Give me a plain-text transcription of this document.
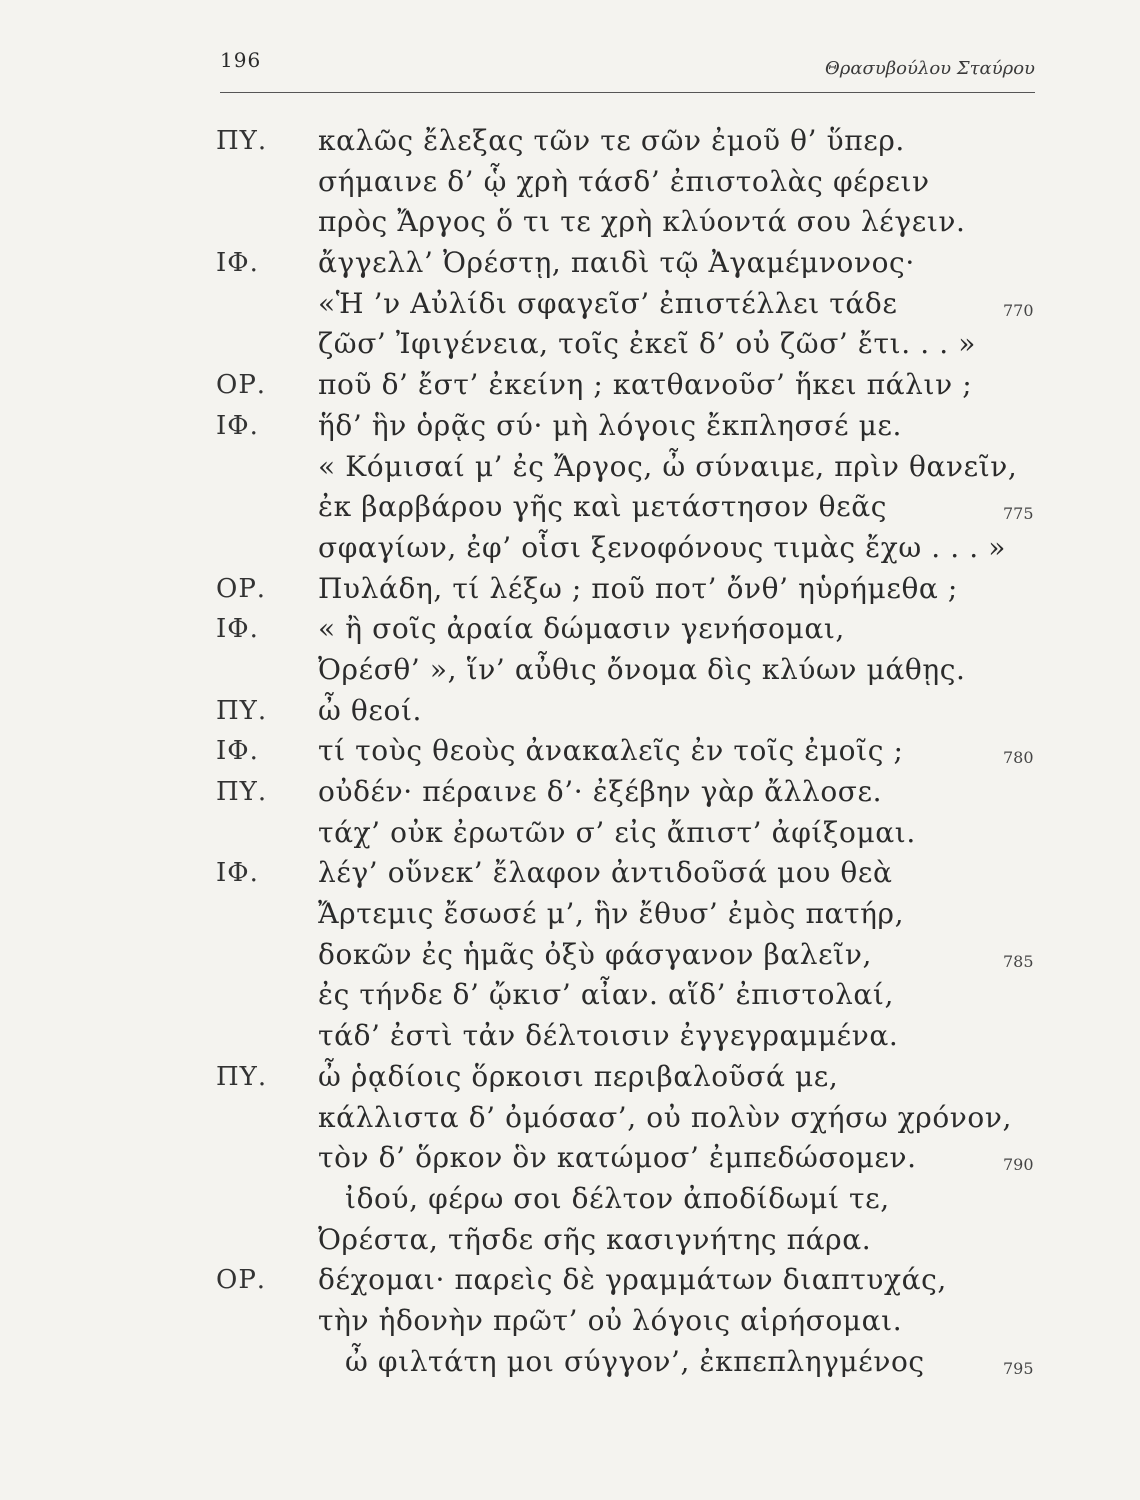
196	Θρασυβούλου Σταύρου
ΠΥ. καλῶς ἔλεξας τῶν τε σῶν ἐμοῦ θ’ ὕπερ.
σήμαινε δ’ ᾧ χρὴ τάσδ’ ἐπιστολὰς φέρειν
πρὸς Ἄργος ὅ τι τε χρὴ κλύοντά σου λέγειν.
ΙΦ. ἄγγελλ’ Ὀρέστῃ, παιδὶ τῷ Ἀγαμέμνονος·
«Ἡ ’ν Αὐλίδι σφαγεῖσ’ ἐπιστέλλει τάδε	770
ζῶσ’ Ἰφιγένεια, τοῖς ἐκεῖ δ’ οὐ ζῶσ’ ἔτι. . . »
ΟΡ. ποῦ δ’ ἔστ’ ἐκείνη ; κατθανοῦσ’ ἥκει πάλιν ;
ΙΦ. ἥδ’ ἣν ὁρᾷς σύ· μὴ λόγοις ἔκπλησσέ με.
« Κόμισαί μ’ ἐς Ἄργος, ὦ σύναιμε, πρὶν θανεῖν,
ἐκ βαρβάρου γῆς καὶ μετάστησον θεᾶς	775
σφαγίων, ἐφ’ οἷσι ξενοφόνους τιμὰς ἔχω . . . »
ΟΡ. Πυλάδη, τί λέξω ; ποῦ ποτ’ ὄνθ’ ηὑρήμεθα ;
ΙΦ. « ἢ σοῖς ἀραία δώμασιν γενήσομαι,
Ὀρέσθ’ », ἵν’ αὖθις ὄνομα δὶς κλύων μάθῃς.
ΠΥ. ὦ θεοί.
ΙΦ. τί τοὺς θεοὺς ἀνακαλεῖς ἐν τοῖς ἐμοῖς ;	780
ΠΥ. οὐδέν· πέραινε δ’· ἐξέβην γὰρ ἄλλοσε.
τάχ’ οὐκ ἐρωτῶν σ’ εἰς ἄπιστ’ ἀφίξομαι.
ΙΦ. λέγ’ οὕνεκ’ ἔλαφον ἀντιδοῦσά μου θεὰ
Ἄρτεμις ἔσωσέ μ’, ἣν ἔθυσ’ ἐμὸς πατήρ,
δοκῶν ἐς ἡμᾶς ὀξὺ φάσγανον βαλεῖν,	785
ἐς τήνδε δ’ ᾤκισ’ αἶαν. αἵδ’ ἐπιστολαί,
τάδ’ ἐστὶ τἀν δέλτοισιν ἐγγεγραμμένα.
ΠΥ. ὦ ῥᾳδίοις ὅρκοισι περιβαλοῦσά με,
κάλλιστα δ’ ὀμόσασ’, οὐ πολὺν σχήσω χρόνον,
τὸν δ’ ὅρκον ὃν κατώμοσ’ ἐμπεδώσομεν.	790
ἰδού, φέρω σοι δέλτον ἀποδίδωμί τε,
Ὀρέστα, τῆσδε σῆς κασιγνήτης πάρα.
ΟΡ. δέχομαι· παρεὶς δὲ γραμμάτων διαπτυχάς,
τὴν ἡδονὴν πρῶτ’ οὐ λόγοις αἱρήσομαι.
ὦ φιλτάτη μοι σύγγον’, ἐκπεπληγμένος	795
